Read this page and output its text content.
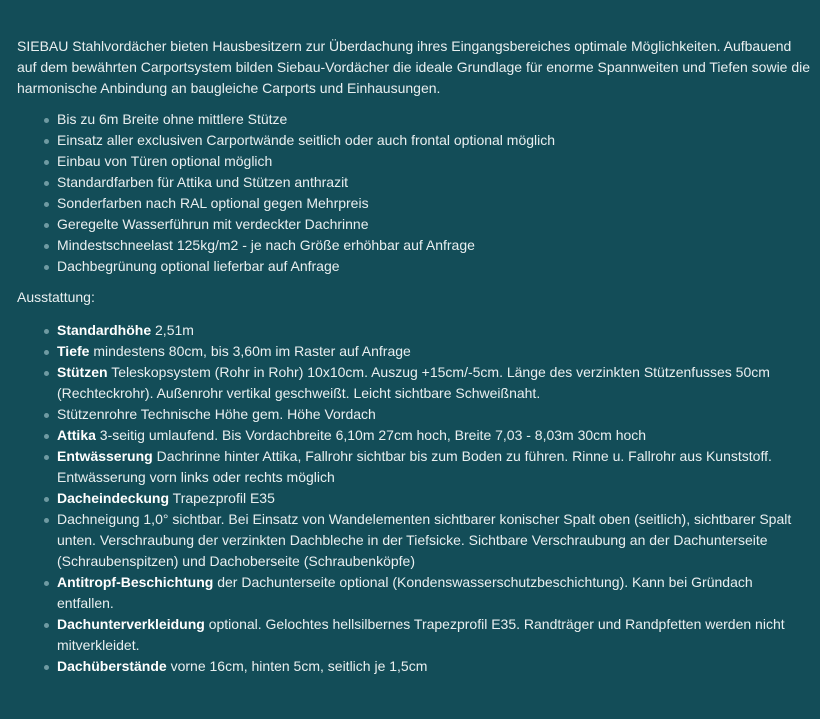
SIEBAU Stahlvordächer bieten Hausbesitzern zur Überdachung ihres Eingangsbereiches optimale Möglichkeiten. Aufbauend auf dem bewährten Carportsystem bilden Siebau-Vordächer die ideale Grundlage für enorme Spannweiten und Tiefen sowie die harmonische Anbindung an baugleiche Carports und Einhausungen.

Bis zu 6m Breite ohne mittlere Stütze
Einsatz aller exclusiven Carportwände seitlich oder auch frontal optional möglich
Einbau von Türen optional möglich
Standardfarben für Attika und Stützen anthrazit
Sonderfarben nach RAL optional gegen Mehrpreis
Geregelte Wasserführun mit verdeckter Dachrinne
Mindestschneelast 125kg/m2 - je nach Größe erhöhbar auf Anfrage
Dachbegrünung optional lieferbar auf Anfrage

Ausstattung:

Standardhöhe 2,51m
Tiefe mindestens 80cm, bis 3,60m im Raster auf Anfrage
Stützen Teleskopsystem (Rohr in Rohr) 10x10cm. Auszug +15cm/-5cm. Länge des verzinkten Stützenfusses 50cm (Rechteckrohr). Außenrohr vertikal geschweißt. Leicht sichtbare Schweißnaht.
Stützenrohre Technische Höhe gem. Höhe Vordach
Attika 3-seitig umlaufend. Bis Vordachbreite 6,10m 27cm hoch, Breite 7,03 - 8,03m 30cm hoch
Entwässerung Dachrinne hinter Attika, Fallrohr sichtbar bis zum Boden zu führen. Rinne u. Fallrohr aus Kunststoff. Entwässerung vorn links oder rechts möglich
Dacheindeckung Trapezprofil E35
Dachneigung 1,0° sichtbar. Bei Einsatz von Wandelementen sichtbarer konischer Spalt oben (seitlich), sichtbarer Spalt unten. Verschraubung der verzinkten Dachbleche in der Tiefsicke. Sichtbare Verschraubung an der Dachunterseite (Schraubenspitzen) und Dachoberseite (Schraubenköpfe)
Antitropf-Beschichtung der Dachunterseite optional (Kondenswasserschutzbeschichtung). Kann bei Gründach entfallen.
Dachunterverkleidung optional. Gelochtes hellsilbernes Trapezprofil E35. Randträger und Randpfetten werden nicht mitverkleidet.
Dachüberstände vorne 16cm, hinten 5cm, seitlich je 1,5cm
